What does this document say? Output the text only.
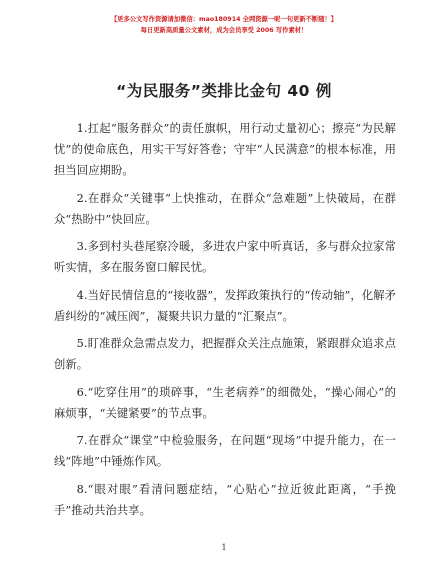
【更多公文写作资源请加微信：mao180914 全网资源一呢一句更新不断随！】
每日更新高质量公文素材，成为会员享受 2006 写作素材！
“为民服务”类排比金句 40 例

1.扛起“服务群众”的责任旗帜，用行动丈量初心；擦亮“为民解忧”的使命底色，用实干写好答卷；守牢“人民满意”的根本标准，用担当回应期盼。

2.在群众“关键事”上快推动，在群众“急难题”上快破局，在群众“热盼中”快回应。

3.多到村头巷尾察冷暖，多进农户家中听真话，多与群众拉家常听实情，多在服务窗口解民忧。

4.当好民情信息的“接收器”，发挥政策执行的“传动轴”，化解矛盾纠纷的“减压阀”，凝聚共识力量的“汇聚点”。

5.盯准群众急需点发力，把握群众关注点施策，紧跟群众追求点创新。

6.“吃穿住用”的琐碎事，“生老病养”的细微处，“操心闹心”的麻烦事，“关键紧要”的节点事。

7.在群众“课堂”中检验服务，在问题“现场”中提升能力，在一线“阵地”中锤炼作风。

8.“眼对眼”看清问题症结，“心贴心”拉近彼此距离，“手挽手”推动共治共享。

1
